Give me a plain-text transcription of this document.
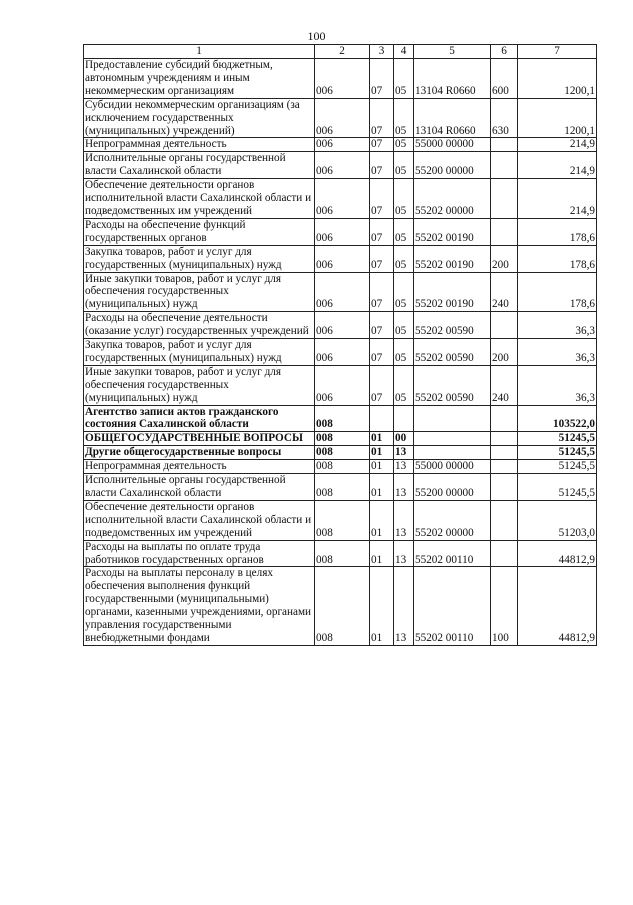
100
1	2	3	4	5	6	7
Предоставление субсидий бюджетным, автономным учреждениям и иным некоммерческим организациям	006	07	05	13104 R0660	600	1200,1
Субсидии некоммерческим организациям (за исключением государственных (муниципальных) учреждений)	006	07	05	13104 R0660	630	1200,1
Непрограммная деятельность	006	07	05	55000 00000		214,9
Исполнительные органы государственной власти Сахалинской области	006	07	05	55200 00000		214,9
Обеспечение деятельности органов исполнительной власти Сахалинской области и подведомственных им учреждений	006	07	05	55202 00000		214,9
Расходы на обеспечение функций государственных органов	006	07	05	55202 00190		178,6
Закупка товаров, работ и услуг для государственных (муниципальных) нужд	006	07	05	55202 00190	200	178,6
Иные закупки товаров, работ и услуг для обеспечения государственных (муниципальных) нужд	006	07	05	55202 00190	240	178,6
Расходы на обеспечение деятельности (оказание услуг) государственных учреждений	006	07	05	55202 00590		36,3
Закупка товаров, работ и услуг для государственных (муниципальных) нужд	006	07	05	55202 00590	200	36,3
Иные закупки товаров, работ и услуг для обеспечения государственных (муниципальных) нужд	006	07	05	55202 00590	240	36,3
Агентство записи актов гражданского состояния Сахалинской области	008					103522,0
ОБЩЕГОСУДАРСТВЕННЫЕ ВОПРОСЫ	008	01	00			51245,5
Другие общегосударственные вопросы	008	01	13			51245,5
Непрограммная деятельность	008	01	13	55000 00000		51245,5
Исполнительные органы государственной власти Сахалинской области	008	01	13	55200 00000		51245,5
Обеспечение деятельности органов исполнительной власти Сахалинской области и подведомственных им учреждений	008	01	13	55202 00000		51203,0
Расходы на выплаты по оплате труда работников государственных органов	008	01	13	55202 00110		44812,9
Расходы на выплаты персоналу в целях обеспечения выполнения функций государственными (муниципальными) органами, казенными учреждениями, органами управления государственными внебюджетными фондами	008	01	13	55202 00110	100	44812,9
